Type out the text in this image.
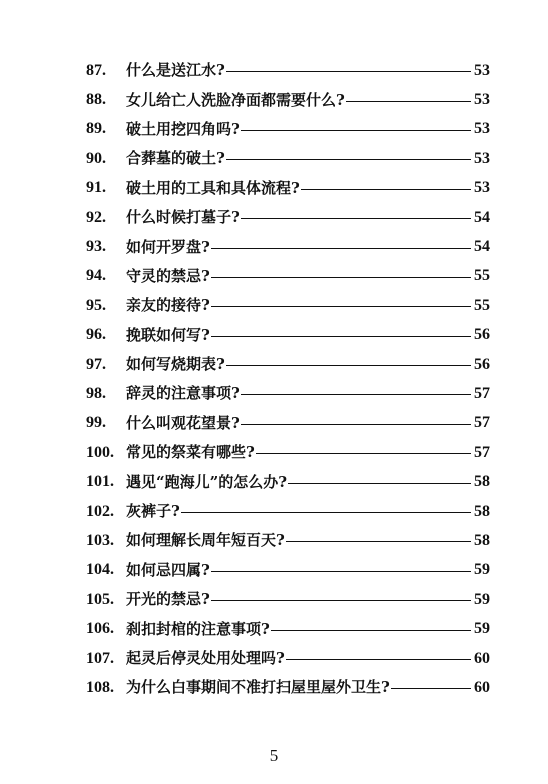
87.	什么是送江水?	53
88.	女儿给亡人洗脸净面都需要什么?	53
89.	破土用挖四角吗?	53
90.	合葬墓的破土?	53
91.	破土用的工具和具体流程?	53
92.	什么时候打墓子?	54
93.	如何开罗盘?	54
94.	守灵的禁忌?	55
95.	亲友的接待?	55
96.	挽联如何写?	56
97.	如何写烧期表?	56
98.	辞灵的注意事项?	57
99.	什么叫观花望景?	57
100. 常见的祭菜有哪些?	57
101. 遇见“跑海儿”的怎么办?	58
102. 灰裤子?	58
103. 如何理解长周年短百天?	58
104. 如何忌四属?	59
105. 开光的禁忌?	59
106. 刹扣封棺的注意事项?	59
107. 起灵后停灵处用处理吗?	60
108. 为什么白事期间不准打扫屋里屋外卫生?	60
5
